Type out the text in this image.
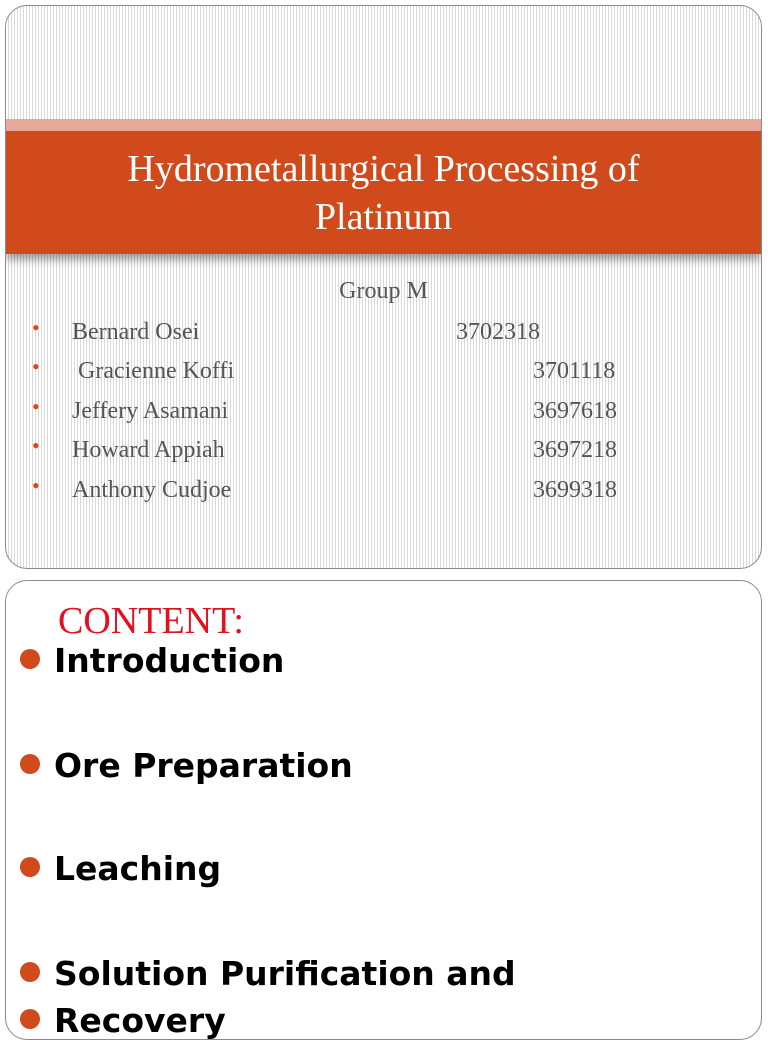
Hydrometallurgical Processing of Platinum
Group M
• Bernard Osei	3702318
• Gracienne Koffi	3701118
• Jeffery Asamani	3697618
• Howard Appiah	3697218
• Anthony Cudjoe	3699318
CONTENT:
Introduction
Ore Preparation
Leaching
Solution Purification and
Recovery
